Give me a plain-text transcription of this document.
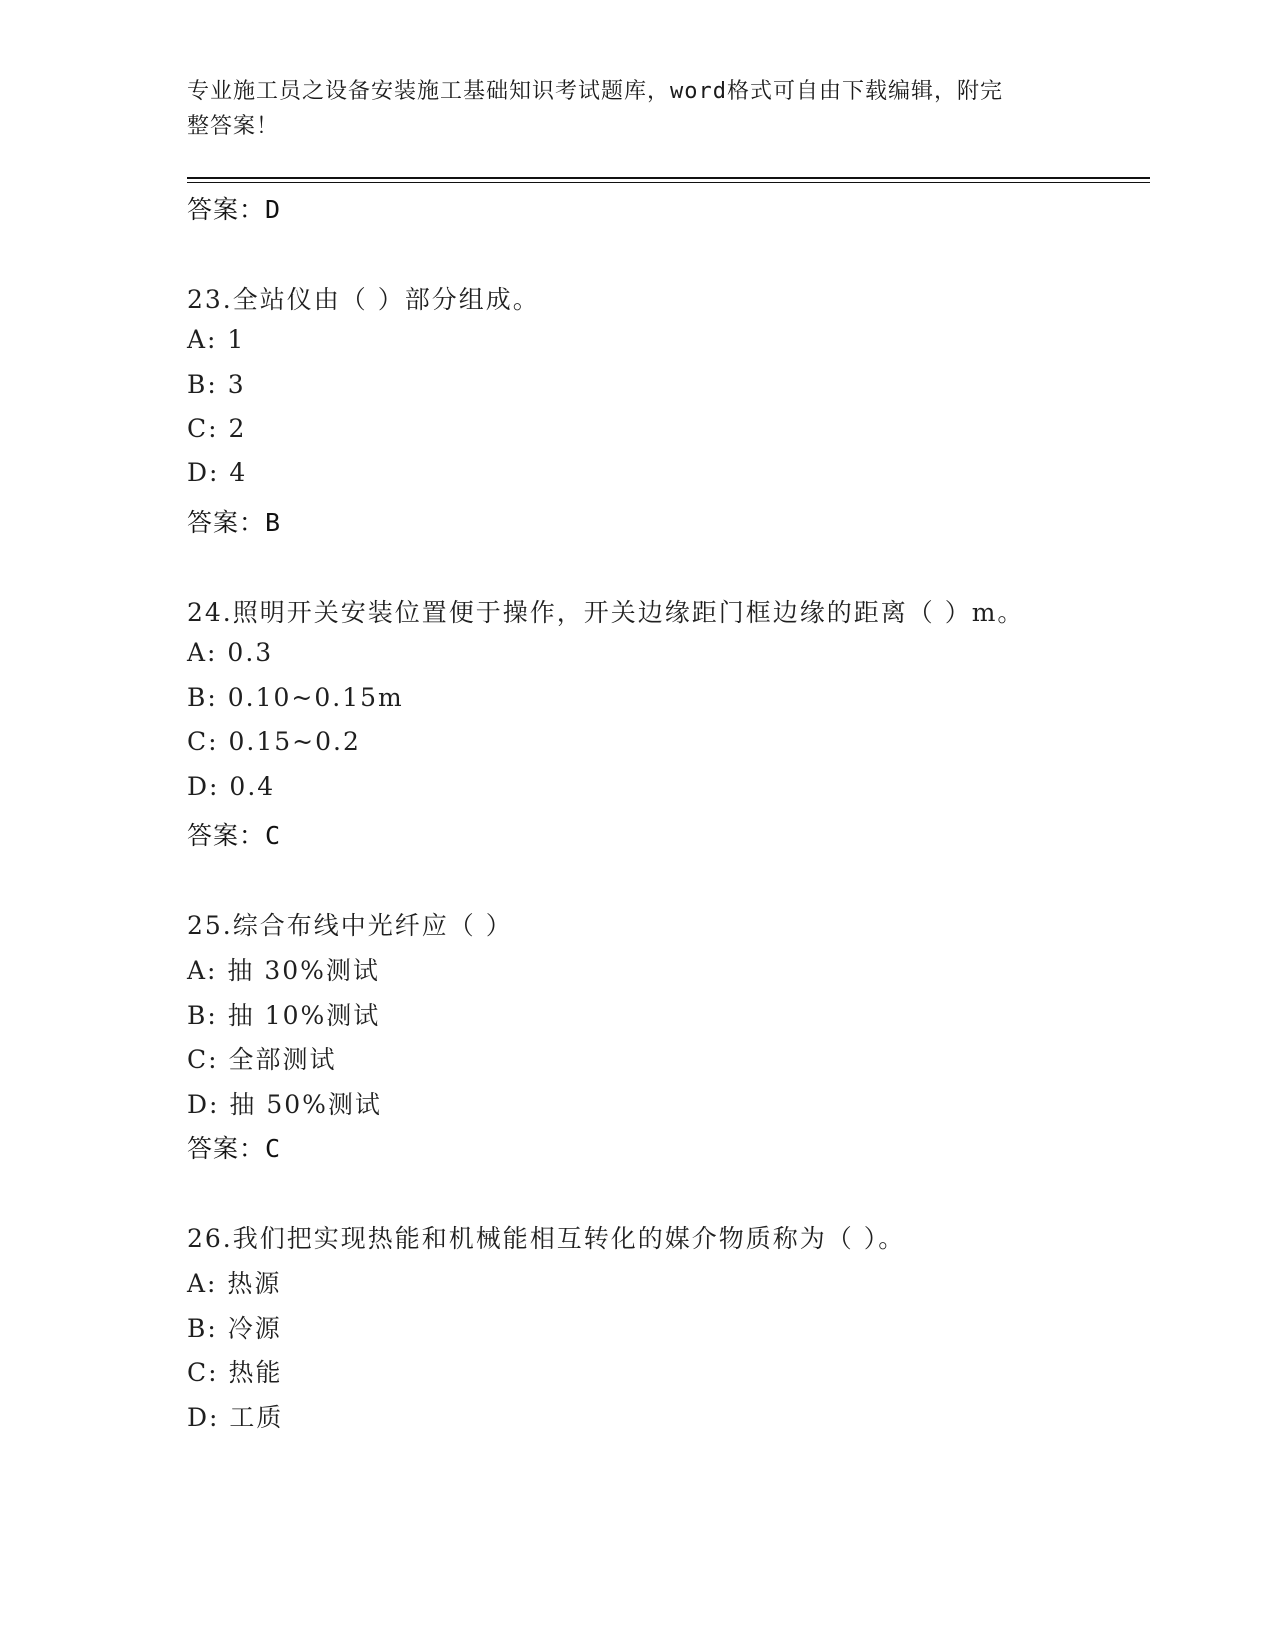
专业施工员之设备安装施工基础知识考试题库，word格式可自由下载编辑，附完
整答案！
答案：D
23.全站仪由（ ）部分组成。
A: 1
B: 3
C: 2
D: 4
答案：B
24.照明开关安装位置便于操作，开关边缘距门框边缘的距离（ ）m。
A: 0.3
B: 0.10~0.15m
C: 0.15~0.2
D: 0.4
答案：C
25.综合布线中光纤应（ ）
A: 抽 30%测试
B: 抽 10%测试
C: 全部测试
D: 抽 50%测试
答案：C
26.我们把实现热能和机械能相互转化的媒介物质称为（ ）。
A: 热源
B: 冷源
C: 热能
D: 工质
